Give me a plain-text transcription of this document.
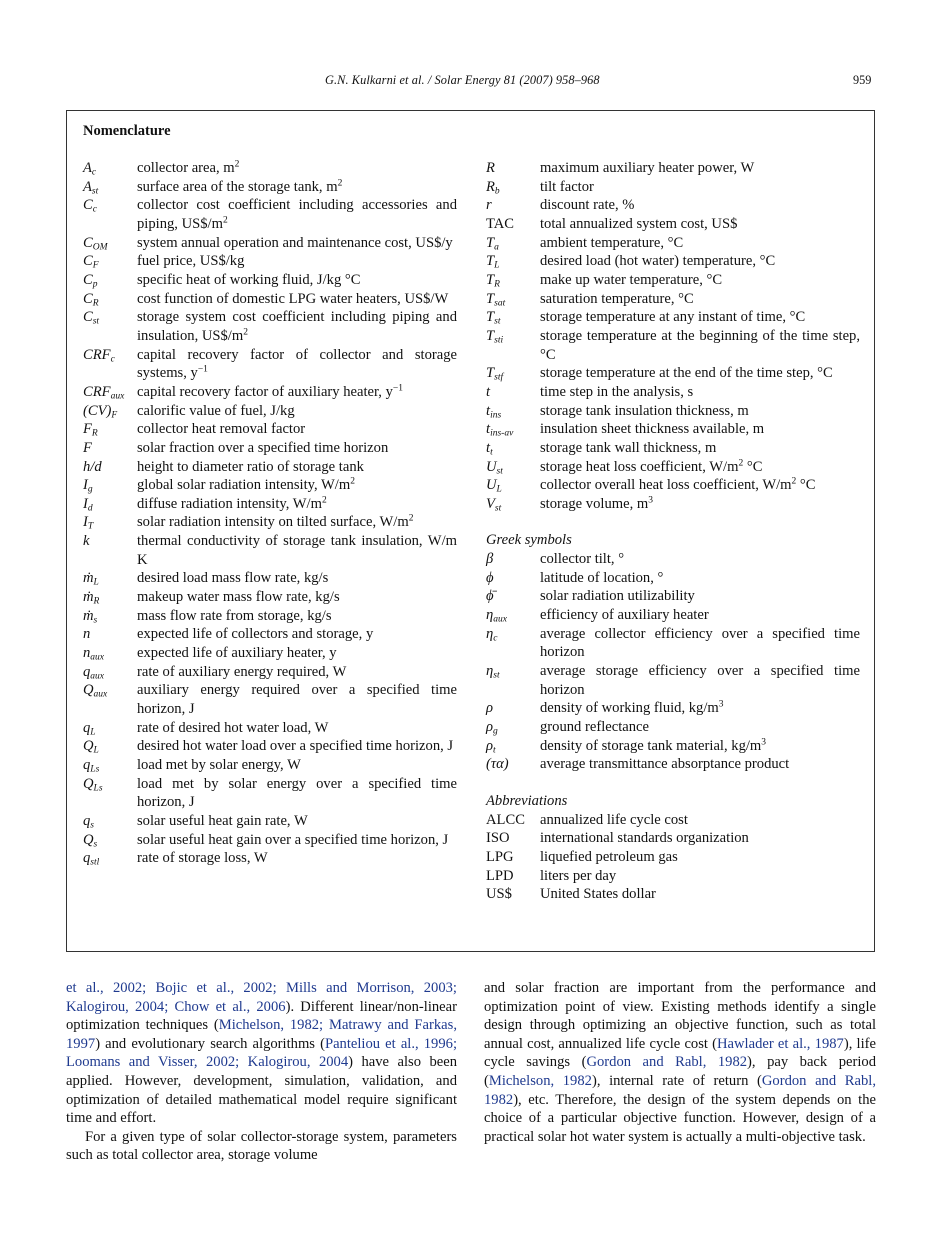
G.N. Kulkarni et al. / Solar Energy 81 (2007) 958–968	959
Nomenclature
$A_c$	collector area, $m^2$
$A_{st}$	surface area of the storage tank, $m^2$
$C_c$	collector cost coefficient including accessories and piping, $US\$/m^2$
$C_{OM}$	system annual operation and maintenance cost, US$/y
$C_F$	fuel price, US$/kg
$C_p$	specific heat of working fluid, J/kg °C
$C_R$	cost function of domestic LPG water heaters, US$/W
$C_{st}$	storage system cost coefficient including piping and insulation, $US\$/m^2$
$CRF_c$	capital recovery factor of collector and storage systems, $y^{-1}$
$CRF_{aux}$ capital recovery factor of auxiliary heater, $y^{-1}$
$(CV)_F$	calorific value of fuel, J/kg
$F_R$	collector heat removal factor
F	solar fraction over a specified time horizon
h/d	height to diameter ratio of storage tank
$I_g$	global solar radiation intensity, $W/m^2$
$I_d$	diffuse radiation intensity, $W/m^2$
$I_T$	solar radiation intensity on tilted surface, $W/m^2$
k	thermal conductivity of storage tank insulation, W/m K
ṁ$_L$	desired load mass flow rate, kg/s
ṁ$_R$	makeup water mass flow rate, kg/s
ṁ$_s$	mass flow rate from storage, kg/s
n	expected life of collectors and storage, y
$n_{aux}$	expected life of auxiliary heater, y
$q_{aux}$	rate of auxiliary energy required, W
$Q_{aux}$	auxiliary energy required over a specified time horizon, J
$q_L$	rate of desired hot water load, W
$Q_L$	desired hot water load over a specified time horizon, J
$q_{Ls}$	load met by solar energy, W
$Q_{Ls}$	load met by solar energy over a specified time horizon, J
$q_s$	solar useful heat gain rate, W
$Q_s$	solar useful heat gain over a specified time horizon, J
$q_{stl}$	rate of storage loss, W
R	maximum auxiliary heater power, W
$R_b$	tilt factor
r	discount rate, %
TAC	total annualized system cost, US$
$T_a$	ambient temperature, °C
$T_L$	desired load (hot water) temperature, °C
$T_R$	make up water temperature, °C
$T_{sat}$	saturation temperature, °C
$T_{st}$	storage temperature at any instant of time, °C
$T_{sti}$	storage temperature at the beginning of the time step, °C
$T_{stf}$	storage temperature at the end of the time step, °C
t	time step in the analysis, s
$t_{ins}$	storage tank insulation thickness, m
$t_{ins-av}$	insulation sheet thickness available, m
$t_t$	storage tank wall thickness, m
$U_{st}$	storage heat loss coefficient, $W/m^2$ °C
$U_L$	collector overall heat loss coefficient, $W/m^2$ °C
$V_{st}$	storage volume, $m^3$
Greek symbols
β	collector tilt, °
ϕ	latitude of location, °
ϕ̄	solar radiation utilizability
$\eta_{aux}$	efficiency of auxiliary heater
$\eta_c$	average collector efficiency over a specified time horizon
$\eta_{st}$	average storage efficiency over a specified time horizon
ρ	density of working fluid, $kg/m^3$
$\rho_g$	ground reflectance
$\rho_t$	density of storage tank material, $kg/m^3$
(τα)	average transmittance absorptance product
Abbreviations
ALCC	annualized life cycle cost
ISO	international standards organization
LPG	liquefied petroleum gas
LPD	liters per day
US$	United States dollar
et al., 2002; Bojic et al., 2002; Mills and Morrison, 2003; Kalogirou, 2004; Chow et al., 2006). Different linear/non-linear optimization techniques (Michelson, 1982; Matrawy and Farkas, 1997) and evolutionary search algorithms (Panteliou et al., 1996; Loomans and Visser, 2002; Kalogirou, 2004) have also been applied. However, development, simulation, validation, and optimization of detailed mathematical model require significant time and effort.
For a given type of solar collector-storage system, parameters such as total collector area, storage volume
and solar fraction are important from the performance and optimization point of view. Existing methods identify a single design through optimizing an objective function, such as total annual cost, annualized life cycle cost (Hawlader et al., 1987), life cycle savings (Gordon and Rabl, 1982), pay back period (Michelson, 1982), internal rate of return (Gordon and Rabl, 1982), etc. Therefore, the design of the system depends on the choice of a particular objective function. However, design of a practical solar hot water system is actually a multi-objective task.
